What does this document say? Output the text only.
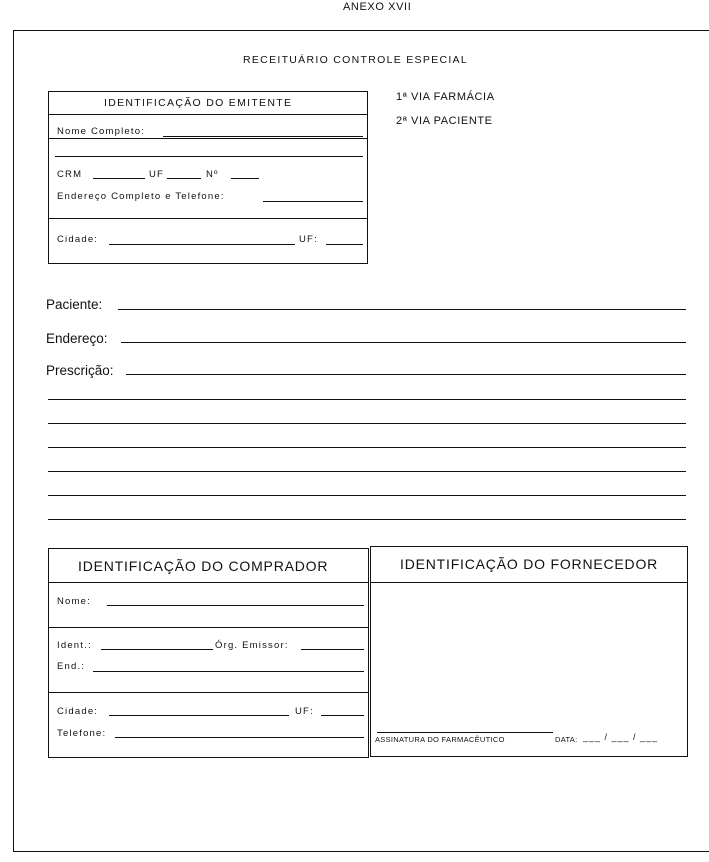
ANEXO XVII
RECEITUÁRIO CONTROLE ESPECIAL
IDENTIFICAÇÃO DO EMITENTE
Nome Completo:
CRM	UF	Nº
Endereço Completo e Telefone:
Cidade:	UF:
1ª VIA FARMÁCIA
2ª VIA PACIENTE
Paciente:
Endereço:
Prescrição:
IDENTIFICAÇÃO DO COMPRADOR
Nome:
Ident.:	Órg. Emissor:
End.:
Cidade:	UF:
Telefone:
IDENTIFICAÇÃO DO FORNECEDOR
ASSINATURA DO FARMACÊUTICO	DATA: ___ / ___ / ___
